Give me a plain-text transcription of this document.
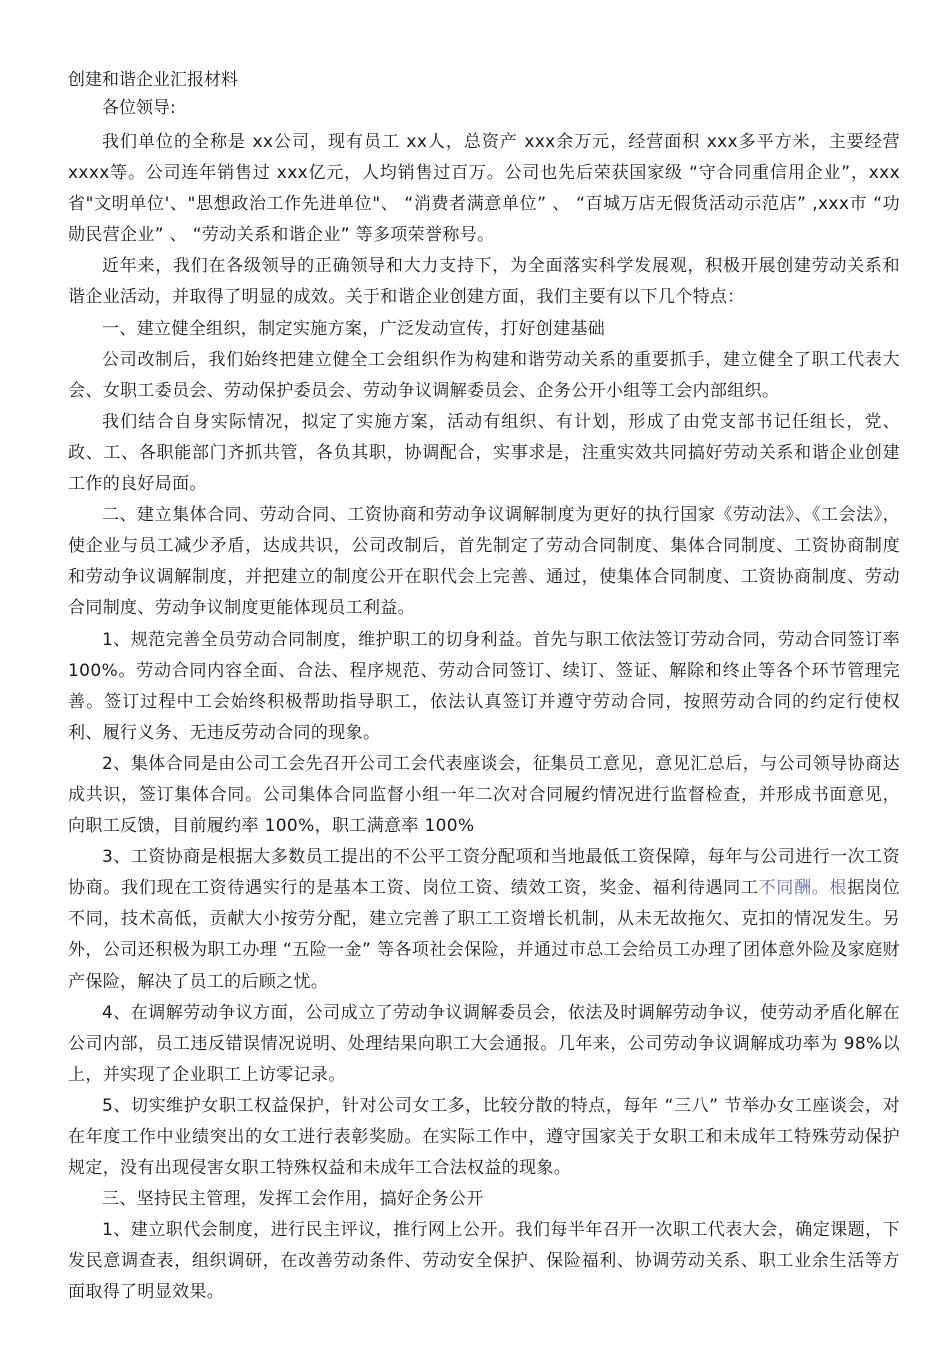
创建和谐企业汇报材料

各位领导:

我们单位的全称是 xx公司，现有员工 xx人，总资产 xxx余万元，经营面积 xxx多平方米，主要经营 xxxx等。公司连年销售过 xxx亿元，人均销售过百万。公司也先后荣获国家级 “守合同重信用企业”，xxx省"文明单位'、"思想政治工作先进单位"、 “消费者满意单位” 、 “百城万店无假货活动示范店” ,xxx市 “功勋民营企业” 、 “劳动关系和谐企业” 等多项荣誉称号。

近年来，我们在各级领导的正确领导和大力支持下，为全面落实科学发展观，积极开展创建劳动关系和谐企业活动，并取得了明显的成效。关于和谐企业创建方面，我们主要有以下几个特点：

一、建立健全组织，制定实施方案，广泛发动宣传，打好创建基础

公司改制后，我们始终把建立健全工会组织作为构建和谐劳动关系的重要抓手，建立健全了职工代表大会、女职工委员会、劳动保护委员会、劳动争议调解委员会、企务公开小组等工会内部组织。

我们结合自身实际情况，拟定了实施方案，活动有组织、有计划，形成了由党支部书记任组长，党、政、工、各职能部门齐抓共管，各负其职，协调配合，实事求是，注重实效共同搞好劳动关系和谐企业创建工作的良好局面。

二、建立集体合同、劳动合同、工资协商和劳动争议调解制度为更好的执行国家《劳动法》、《工会法》，使企业与员工减少矛盾，达成共识，公司改制后，首先制定了劳动合同制度、集体合同制度、工资协商制度和劳动争议调解制度，并把建立的制度公开在职代会上完善、通过，使集体合同制度、工资协商制度、劳动合同制度、劳动争议制度更能体现员工利益。

1、规范完善全员劳动合同制度，维护职工的切身利益。首先与职工依法签订劳动合同，劳动合同签订率 100%。劳动合同内容全面、合法、程序规范、劳动合同签订、续订、签证、解除和终止等各个环节管理完善。签订过程中工会始终积极帮助指导职工，依法认真签订并遵守劳动合同，按照劳动合同的约定行使权利、履行义务、无违反劳动合同的现象。

2、集体合同是由公司工会先召开公司工会代表座谈会，征集员工意见，意见汇总后，与公司领导协商达成共识，签订集体合同。公司集体合同监督小组一年二次对合同履约情况进行监督检查，并形成书面意见，向职工反馈，目前履约率 100%，职工满意率 100%

3、工资协商是根据大多数员工提出的不公平工资分配项和当地最低工资保障，每年与公司进行一次工资协商。我们现在工资待遇实行的是基本工资、岗位工资、绩效工资，奖金、福利待遇同工不同酬。根据岗位不同，技术高低，贡献大小按劳分配，建立完善了职工工资增长机制，从未无故拖欠、克扣的情况发生。另外，公司还积极为职工办理 “五险一金” 等各项社会保险，并通过市总工会给员工办理了团体意外险及家庭财产保险，解决了员工的后顾之忧。

4、在调解劳动争议方面，公司成立了劳动争议调解委员会，依法及时调解劳动争议，使劳动矛盾化解在公司内部，员工违反错误情况说明、处理结果向职工大会通报。几年来，公司劳动争议调解成功率为 98%以上，并实现了企业职工上访零记录。

5、切实维护女职工权益保护，针对公司女工多，比较分散的特点，每年 “三八” 节举办女工座谈会，对在年度工作中业绩突出的女工进行表彰奖励。在实际工作中，遵守国家关于女职工和未成年工特殊劳动保护规定，没有出现侵害女职工特殊权益和未成年工合法权益的现象。

三、坚持民主管理，发挥工会作用，搞好企务公开

1、建立职代会制度，进行民主评议，推行网上公开。我们每半年召开一次职工代表大会，确定课题，下发民意调查表，组织调研，在改善劳动条件、劳动安全保护、保险福利、协调劳动关系、职工业余生活等方面取得了明显效果。
